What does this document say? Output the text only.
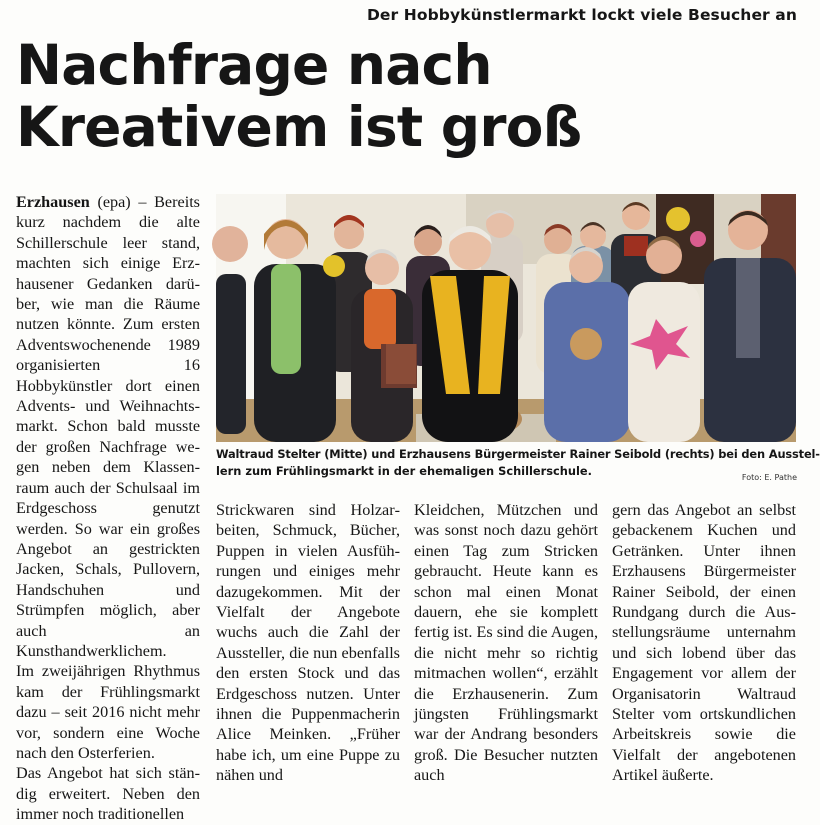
Der Hobbykünstlermarkt lockt viele Besucher an
Nachfrage nach
Kreativem ist groß

Erzhausen (epa) – Bereits kurz nachdem die alte Schillerschule leer stand, machten sich einige Erzhausener Gedanken darüber, wie man die Räume nutzen könnte. Zum ersten Adventswochenende 1989 organisierten 16 Hobbykünstler dort einen Advents- und Weihnachtsmarkt. Schon bald musste der großen Nachfrage wegen neben dem Klassenraum auch der Schulsaal im Erdgeschoss genutzt werden. So war ein großes Angebot an gestrickten Jacken, Schals, Pullovern, Handschuhen und Strümpfen möglich, aber auch an Kunsthandwerklichem.

Im zweijährigen Rhythmus kam der Frühlingsmarkt dazu – seit 2016 nicht mehr vor, sondern eine Woche nach den Osterferien.

Das Angebot hat sich ständig erweitert. Neben den immer noch traditionellen

Waltraud Stelter (Mitte) und Erzhausens Bürgermeister Rainer Seibold (rechts) bei den Ausstel-
lern zum Frühlingsmarkt in der ehemaligen Schillerschule.	Foto: E. Pathe

Strickwaren sind Holzarbeiten, Schmuck, Bücher, Puppen in vielen Ausführungen und einiges mehr dazugekommen. Mit der Vielfalt der Angebote wuchs auch die Zahl der Aussteller, die nun ebenfalls den ersten Stock und das Erdgeschoss nutzen. Unter ihnen die Puppenmacherin Alice Meinken. „Früher habe ich, um eine Puppe zu nähen und

Kleidchen, Mützchen und was sonst noch dazu gehört einen Tag zum Stricken gebraucht. Heute kann es schon mal einen Monat dauern, ehe sie komplett fertig ist. Es sind die Augen, die nicht mehr so richtig mitmachen wollen“, erzählt die Erzhausenerin. Zum jüngsten Frühlingsmarkt war der Andrang besonders groß. Die Besucher nutzten auch

gern das Angebot an selbst gebackenem Kuchen und Getränken. Unter ihnen Erzhausens Bürgermeister Rainer Seibold, der einen Rundgang durch die Ausstellungsräume unternahm und sich lobend über das Engagement vor allem der Organisatorin Waltraud Stelter vom ortskundlichen Arbeitskreis sowie die Vielfalt der angebotenen Artikel äußerte.
